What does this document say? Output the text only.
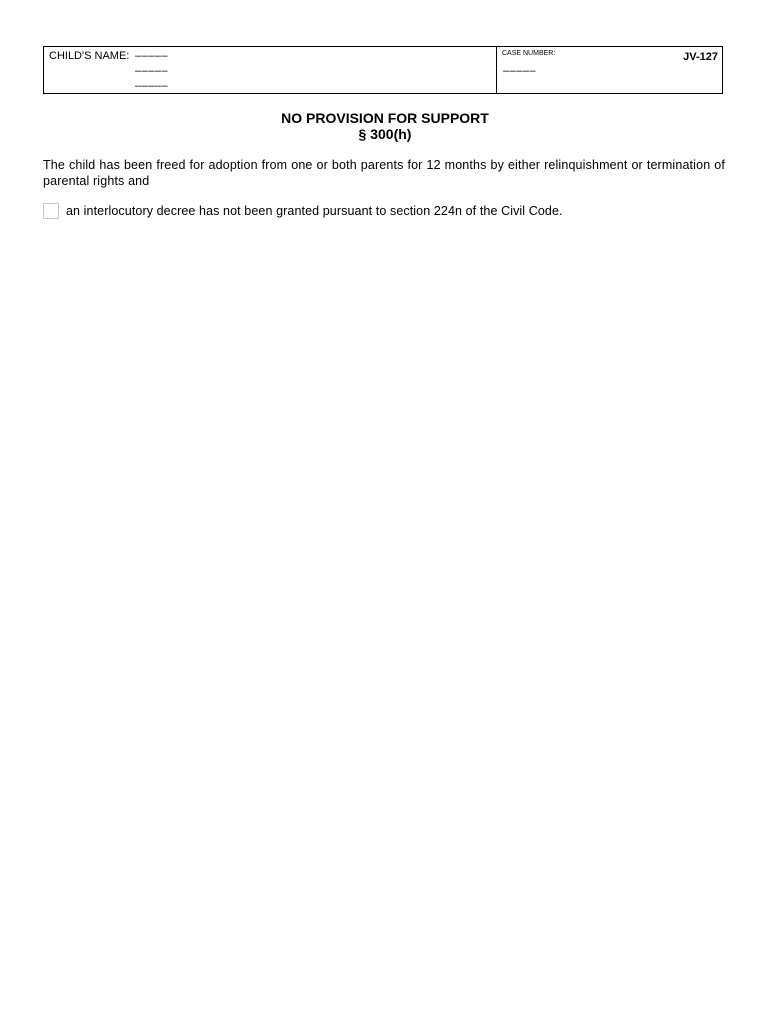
CHILD'S NAME: –––––
–––––
–––––
CASE NUMBER:
–––––
JV-127
NO PROVISION FOR SUPPORT
§ 300(h)
The child has been freed for adoption from one or both parents for 12 months by either relinquishment or termination of parental rights and
an interlocutory decree has not been granted pursuant to section 224n of the Civil Code.
